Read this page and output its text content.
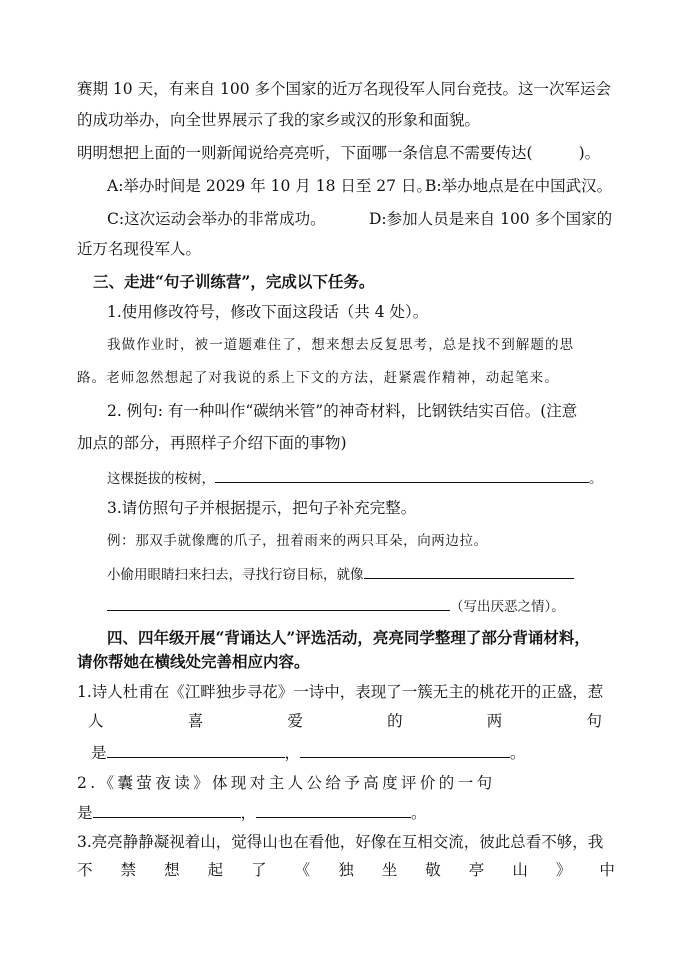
赛期 10 天，有来自 100 多个国家的近万名现役军人同台竞技。这一次军运会
的成功举办，向全世界展示了我的家乡或汉的形象和面貌。
明明想把上面的一则新闻说给亮亮听，下面哪一条信息不需要传达(	)。
A:举办时间是 2029 年 10 月 18 日至 27 日。
B:举办地点是在中国武汉。
C:这次运动会举办的非常成功。	D:参加人员是来自 100 多个国家的
近万名现役军人。
三、走进“句子训练营”，完成以下任务。
1.使用修改符号，修改下面这段话（共 4 处）。
我做作业时，被一道题难住了，想来想去反复思考，总是找不到解题的思
路。老师忽然想起了对我说的系上下文的方法，赶紧震作精神，动起笔来。
2. 例句: 有一种叫作“碳纳米管”的神奇材料，比钢铁结实百倍。(注意
加点的部分，再照样子介绍下面的事物)
这棵挺拔的桉树，	。
3.请仿照句子并根据提示，把句子补充完整。
例：那双手就像鹰的爪子，扭着雨来的两只耳朵，向两边拉。
小偷用眼睛扫来扫去，寻找行窃目标，就像
（写出厌恶之情）。
四、四年级开展“背诵达人”评选活动，亮亮同学整理了部分背诵材料，
请你帮她在横线处完善相应内容。
1.诗人杜甫在《江畔独步寻花》一诗中，表现了一簇无主的桃花开的正盛，惹
人	喜	爱	的	两	句
是	，	。
2.《囊萤夜读》体现对主人公给予高度评价的一句
是	，	。
3.亮亮静静凝视着山，觉得山也在看他，好像在互相交流，彼此总看不够，我
不 禁 想 起 了 《 独 坐 敬 亭 山 》 中
